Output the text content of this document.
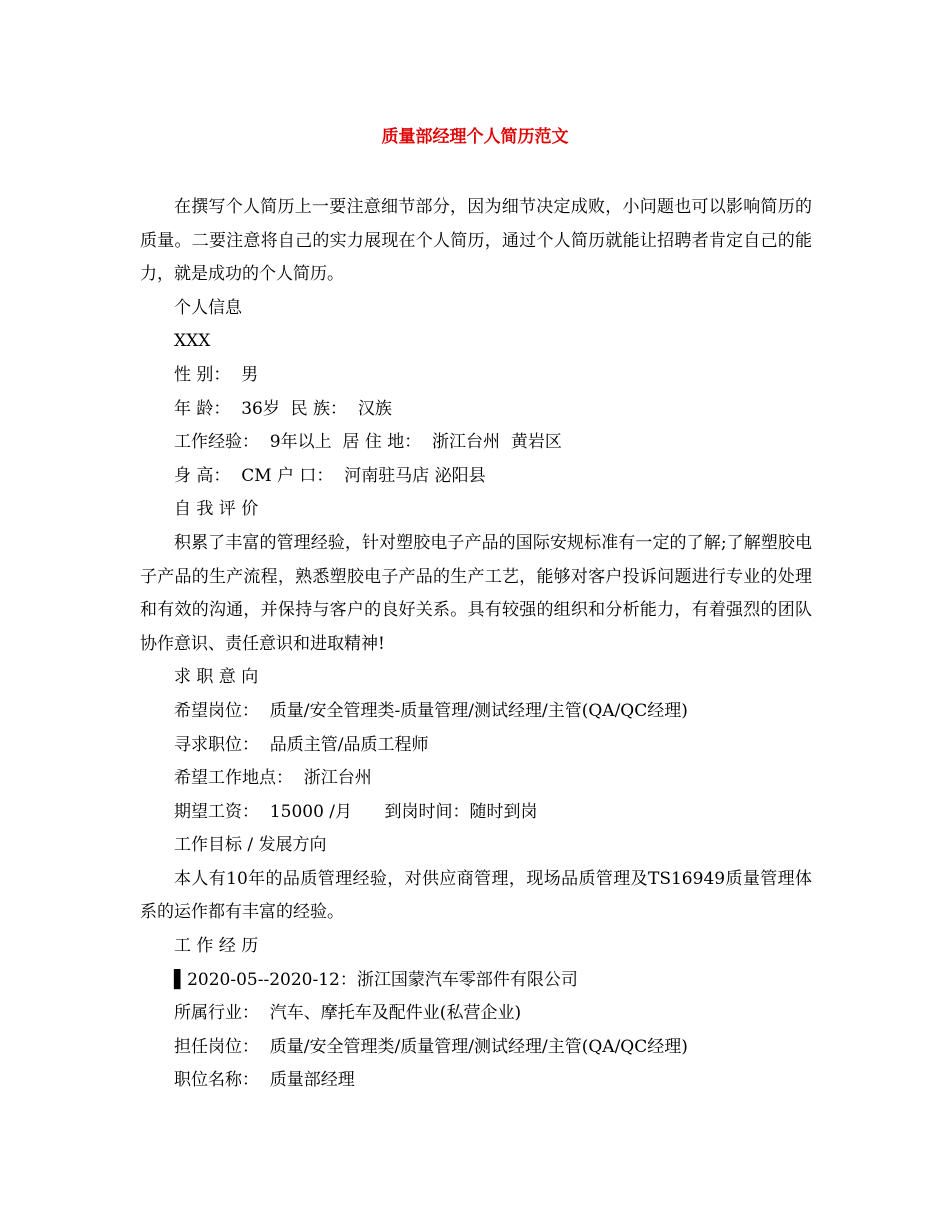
质量部经理个人简历范文

在撰写个人简历上一要注意细节部分，因为细节决定成败，小问题也可以影响简历的质量。二要注意将自己的实力展现在个人简历，通过个人简历就能让招聘者肯定自己的能力，就是成功的个人简历。

个人信息

XXX

性 别：  男

年 龄：  36岁  民 族：  汉族

工作经验：  9年以上  居 住 地：  浙江台州  黄岩区

身 高：  CM 户 口：  河南驻马店 泌阳县

自 我 评 价

积累了丰富的管理经验，针对塑胶电子产品的国际安规标准有一定的了解;了解塑胶电子产品的生产流程，熟悉塑胶电子产品的生产工艺，能够对客户投诉问题进行专业的处理和有效的沟通，并保持与客户的良好关系。具有较强的组织和分析能力，有着强烈的团队协作意识、责任意识和进取精神!

求 职 意 向

希望岗位：  质量/安全管理类-质量管理/测试经理/主管(QA/QC经理)

寻求职位：  品质主管/品质工程师

希望工作地点：  浙江台州

期望工资：  15000 /月      到岗时间：随时到岗

工作目标 / 发展方向

本人有10年的品质管理经验，对供应商管理，现场品质管理及TS16949质量管理体系的运作都有丰富的经验。

工 作 经 历

▌2020-05--2020-12：浙江国蒙汽车零部件有限公司

所属行业：  汽车、摩托车及配件业(私营企业)

担任岗位：  质量/安全管理类/质量管理/测试经理/主管(QA/QC经理)

职位名称：  质量部经理
